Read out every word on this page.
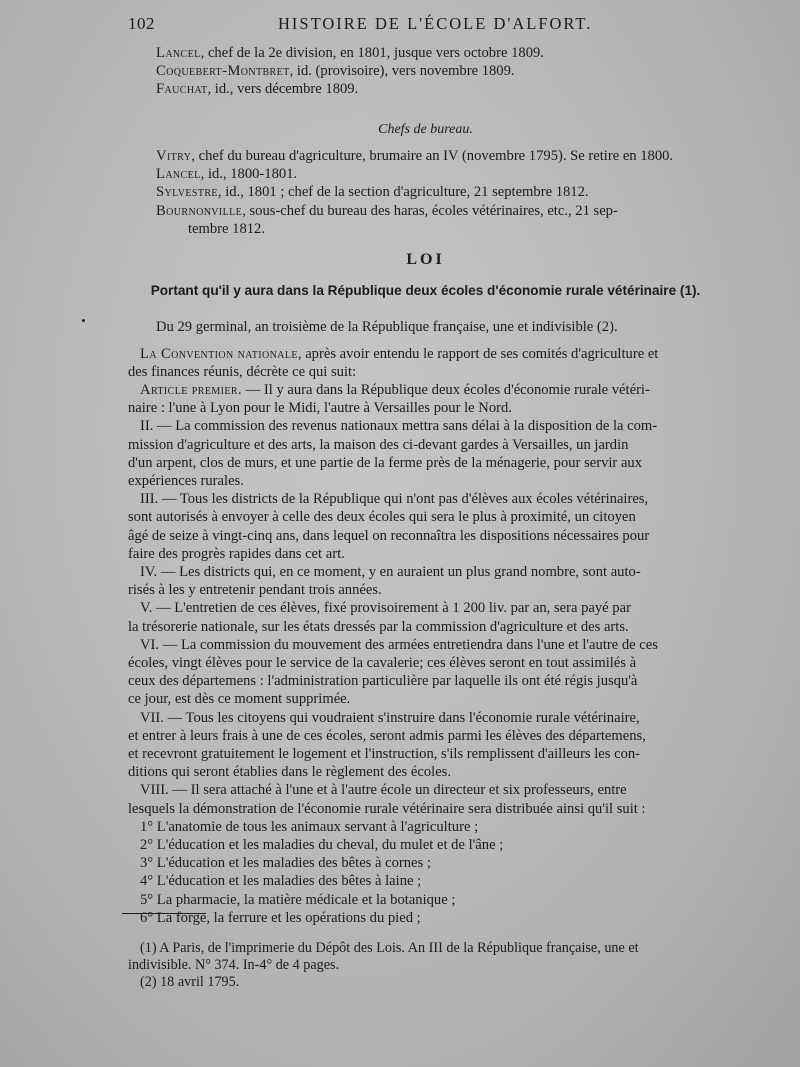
102	HISTOIRE DE L'ÉCOLE D'ALFORT.
Lancel, chef de la 2e division, en 1801, jusque vers octobre 1809.
Coquebert-Montbret, id. (provisoire), vers novembre 1809.
Fauchat, id., vers décembre 1809.
Chefs de bureau.
Vitry, chef du bureau d'agriculture, brumaire an IV (novembre 1795). Se retire en 1800.
Lancel, id., 1800-1801.
Sylvestre, id., 1801 ; chef de la section d'agriculture, 21 septembre 1812.
Bournonville, sous-chef du bureau des haras, écoles vétérinaires, etc., 21 sep-
tembre 1812.
LOI
Portant qu'il y aura dans la République deux écoles d'économie rurale vétérinaire (1).
Du 29 germinal, an troisième de la République française, une et indivisible (2).
La Convention nationale, après avoir entendu le rapport de ses comités d'agriculture et
des finances réunis, décrète ce qui suit:
Article premier. — Il y aura dans la République deux écoles d'économie rurale vétéri-
naire : l'une à Lyon pour le Midi, l'autre à Versailles pour le Nord.
II. — La commission des revenus nationaux mettra sans délai à la disposition de la com-
mission d'agriculture et des arts, la maison des ci-devant gardes à Versailles, un jardin
d'un arpent, clos de murs, et une partie de la ferme près de la ménagerie, pour servir aux
expériences rurales.
III. — Tous les districts de la République qui n'ont pas d'élèves aux écoles vétérinaires,
sont autorisés à envoyer à celle des deux écoles qui sera le plus à proximité, un citoyen
âgé de seize à vingt-cinq ans, dans lequel on reconnaîtra les dispositions nécessaires pour
faire des progrès rapides dans cet art.
IV. — Les districts qui, en ce moment, y en auraient un plus grand nombre, sont auto-
risés à les y entretenir pendant trois années.
V. — L'entretien de ces élèves, fixé provisoirement à 1 200 liv. par an, sera payé par
la trésorerie nationale, sur les états dressés par la commission d'agriculture et des arts.
VI. — La commission du mouvement des armées entretiendra dans l'une et l'autre de ces
écoles, vingt élèves pour le service de la cavalerie; ces élèves seront en tout assimilés à
ceux des départemens : l'administration particulière par laquelle ils ont été régis jusqu'à
ce jour, est dès ce moment supprimée.
VII. — Tous les citoyens qui voudraient s'instruire dans l'économie rurale vétérinaire,
et entrer à leurs frais à une de ces écoles, seront admis parmi les élèves des départemens,
et recevront gratuitement le logement et l'instruction, s'ils remplissent d'ailleurs les con-
ditions qui seront établies dans le règlement des écoles.
VIII. — Il sera attaché à l'une et à l'autre école un directeur et six professeurs, entre
lesquels la démonstration de l'économie rurale vétérinaire sera distribuée ainsi qu'il suit :
1° L'anatomie de tous les animaux servant à l'agriculture ;
2° L'éducation et les maladies du cheval, du mulet et de l'âne ;
3° L'éducation et les maladies des bêtes à cornes ;
4° L'éducation et les maladies des bêtes à laine ;
5° La pharmacie, la matière médicale et la botanique ;
6° La forge, la ferrure et les opérations du pied ;
(1) A Paris, de l'imprimerie du Dépôt des Lois. An III de la République française, une et
indivisible. N° 374. In-4° de 4 pages.
(2) 18 avril 1795.
